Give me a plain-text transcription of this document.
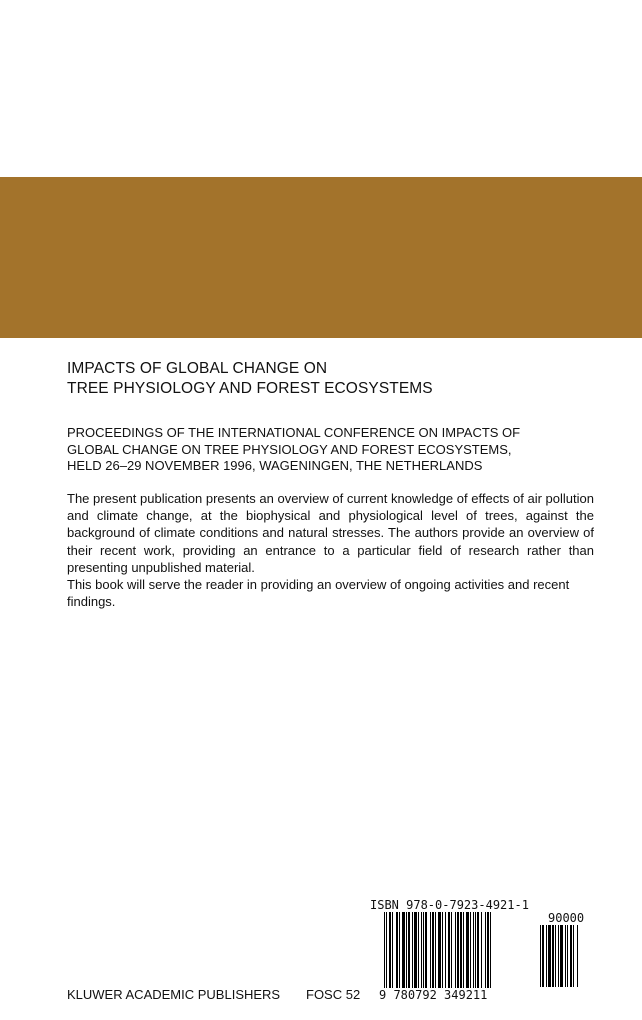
IMPACTS OF GLOBAL CHANGE ON
TREE PHYSIOLOGY AND FOREST ECOSYSTEMS
PROCEEDINGS OF THE INTERNATIONAL CONFERENCE ON IMPACTS OF
GLOBAL CHANGE ON TREE PHYSIOLOGY AND FOREST ECOSYSTEMS,
HELD 26–29 NOVEMBER 1996, WAGENINGEN, THE NETHERLANDS

The present publication presents an overview of current knowledge of effects of air pollution and climate change, at the biophysical and physiological level of trees, against the background of climate conditions and natural stresses. The authors provide an overview of their recent work, providing an entrance to a particular field of research rather than presenting unpublished material.

This book will serve the reader in providing an overview of ongoing activities and recent findings.

ISBN 978-0-7923-4921-1
90000
9 780792 349211
KLUWER ACADEMIC PUBLISHERS FOSC 52
